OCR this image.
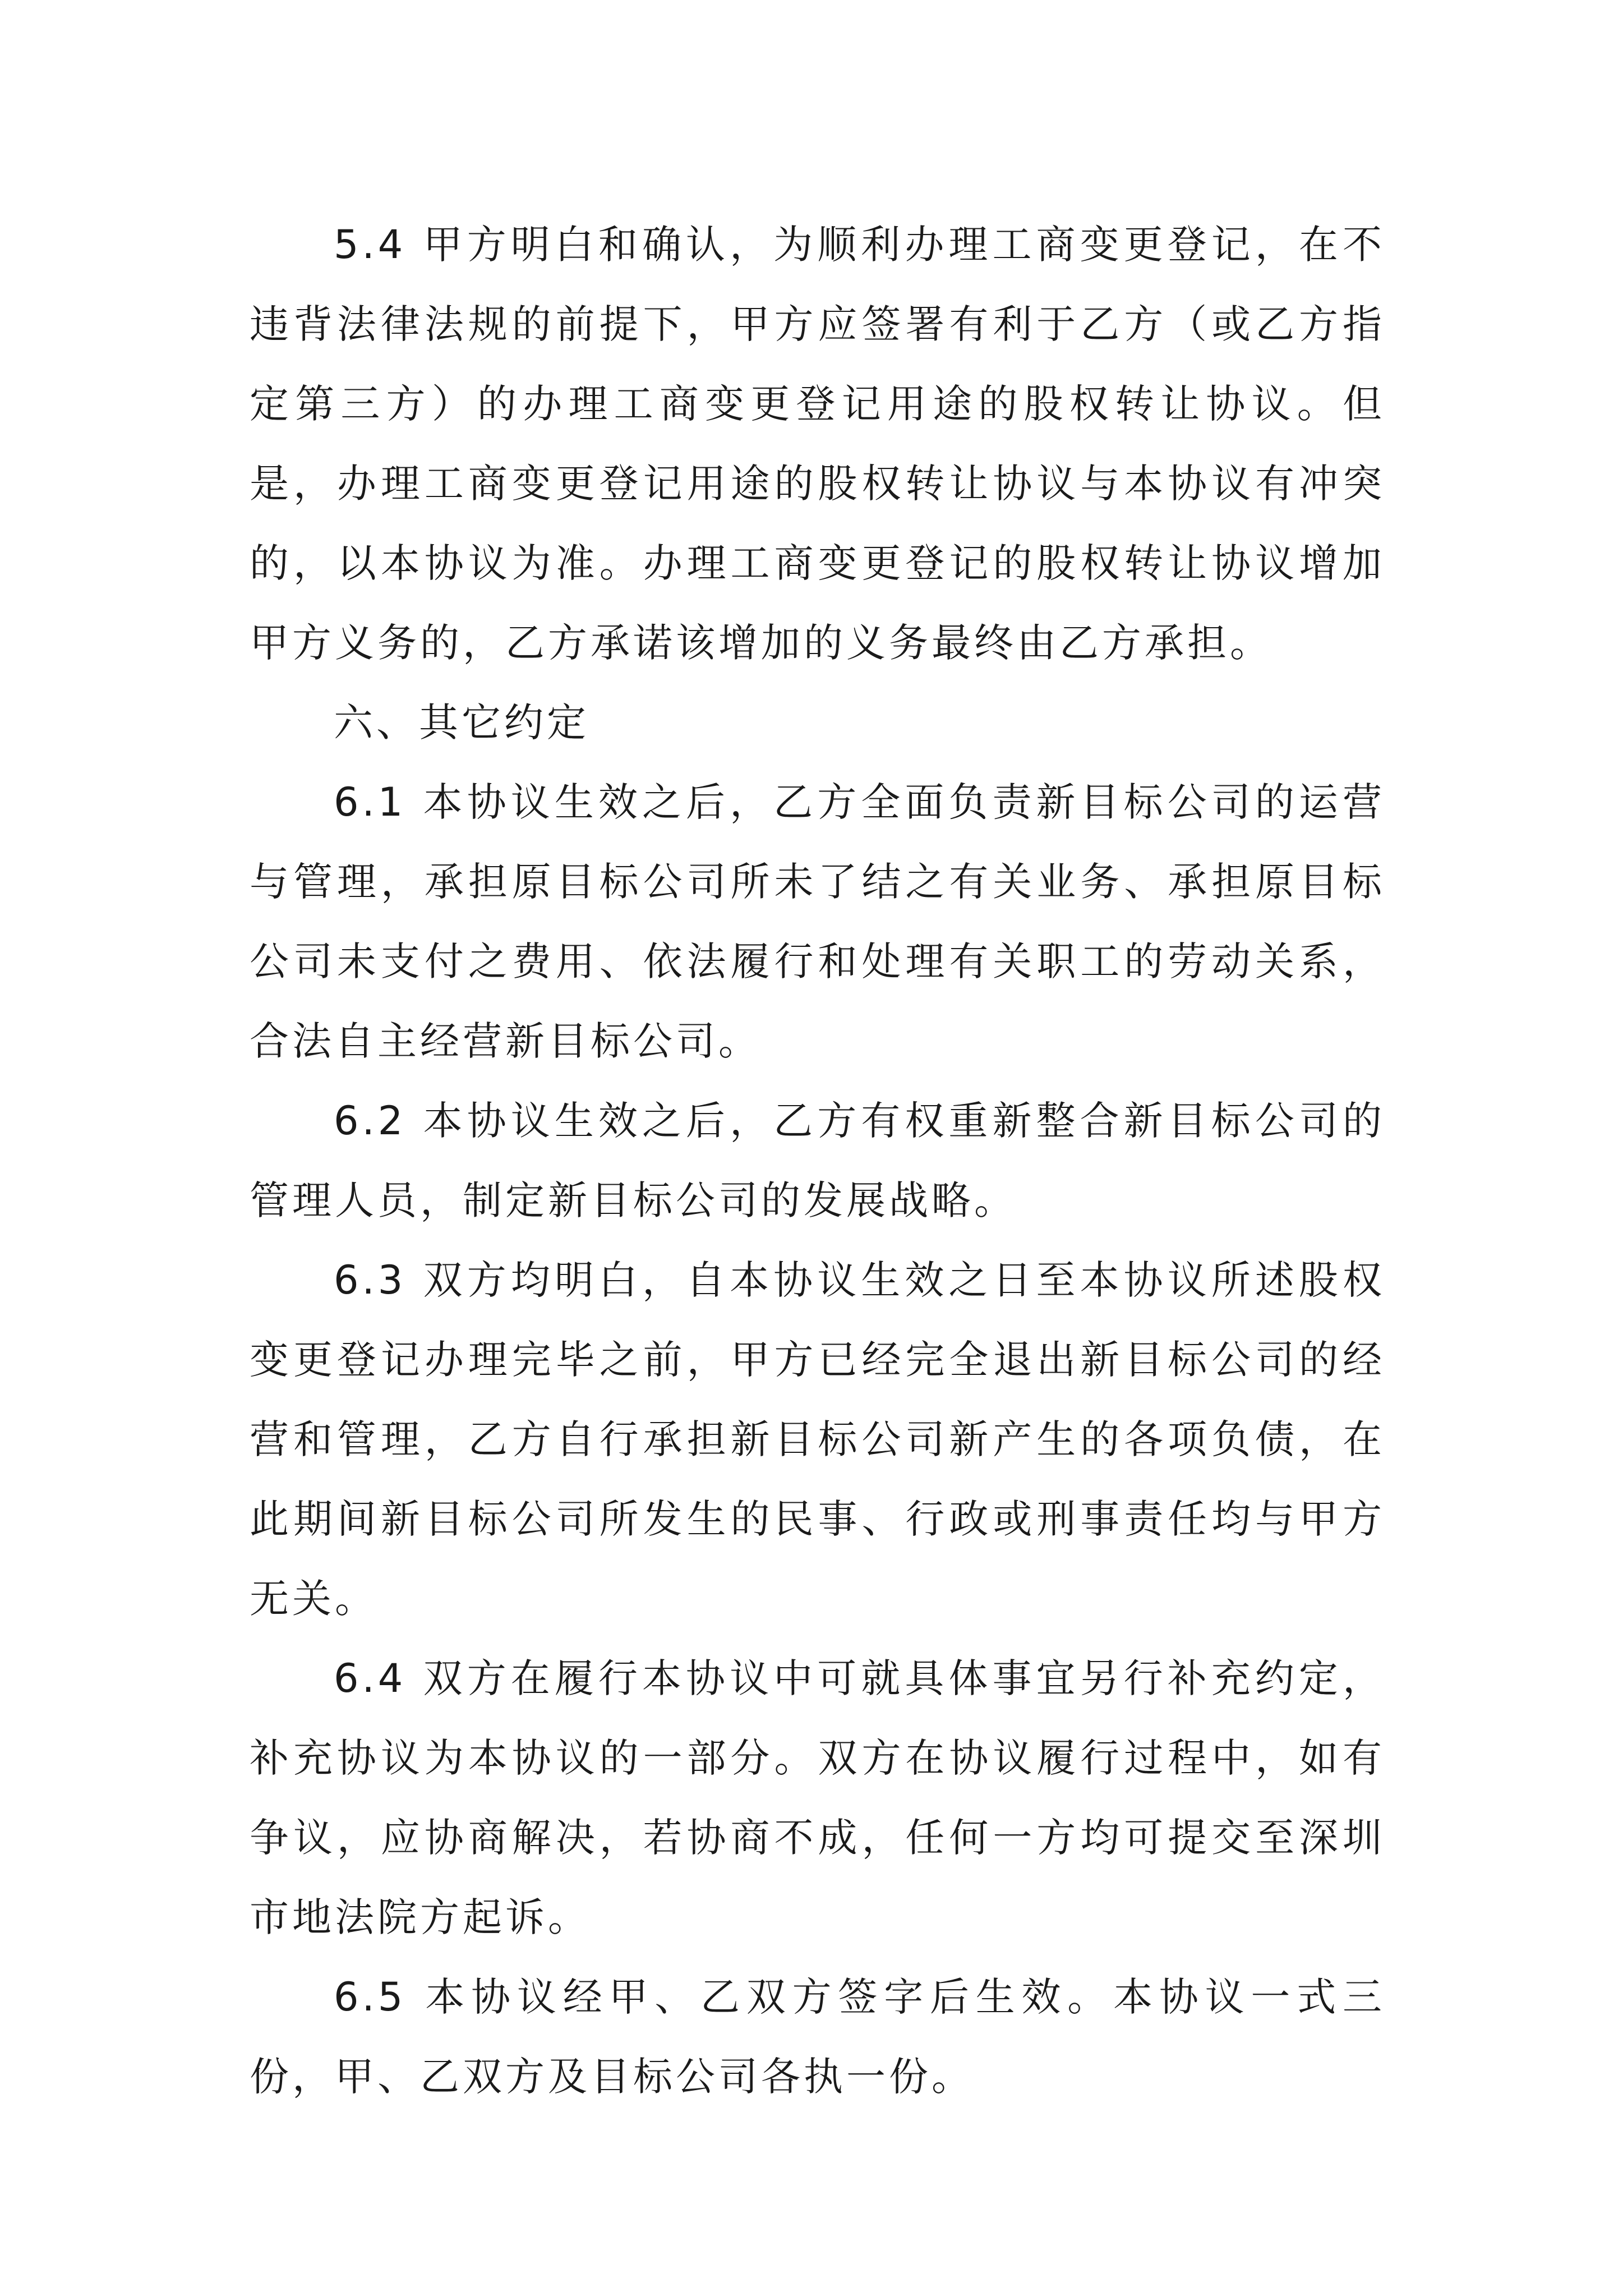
5.4 甲方明白和确认，为顺利办理工商变更登记，在不违背法律法规的前提下，甲方应签署有利于乙方（或乙方指定第三方）的办理工商变更登记用途的股权转让协议。但是，办理工商变更登记用途的股权转让协议与本协议有冲突的，以本协议为准。办理工商变更登记的股权转让协议增加甲方义务的，乙方承诺该增加的义务最终由乙方承担。

六、其它约定

6.1 本协议生效之后，乙方全面负责新目标公司的运营与管理，承担原目标公司所未了结之有关业务、承担原目标公司未支付之费用、依法履行和处理有关职工的劳动关系，合法自主经营新目标公司。

6.2 本协议生效之后，乙方有权重新整合新目标公司的管理人员，制定新目标公司的发展战略。

6.3 双方均明白，自本协议生效之日至本协议所述股权变更登记办理完毕之前，甲方已经完全退出新目标公司的经营和管理，乙方自行承担新目标公司新产生的各项负债，在此期间新目标公司所发生的民事、行政或刑事责任均与甲方无关。

6.4 双方在履行本协议中可就具体事宜另行补充约定，补充协议为本协议的一部分。双方在协议履行过程中，如有争议，应协商解决，若协商不成，任何一方均可提交至深圳市地法院方起诉。

6.5 本协议经甲、乙双方签字后生效。本协议一式三份，甲、乙双方及目标公司各执一份。
